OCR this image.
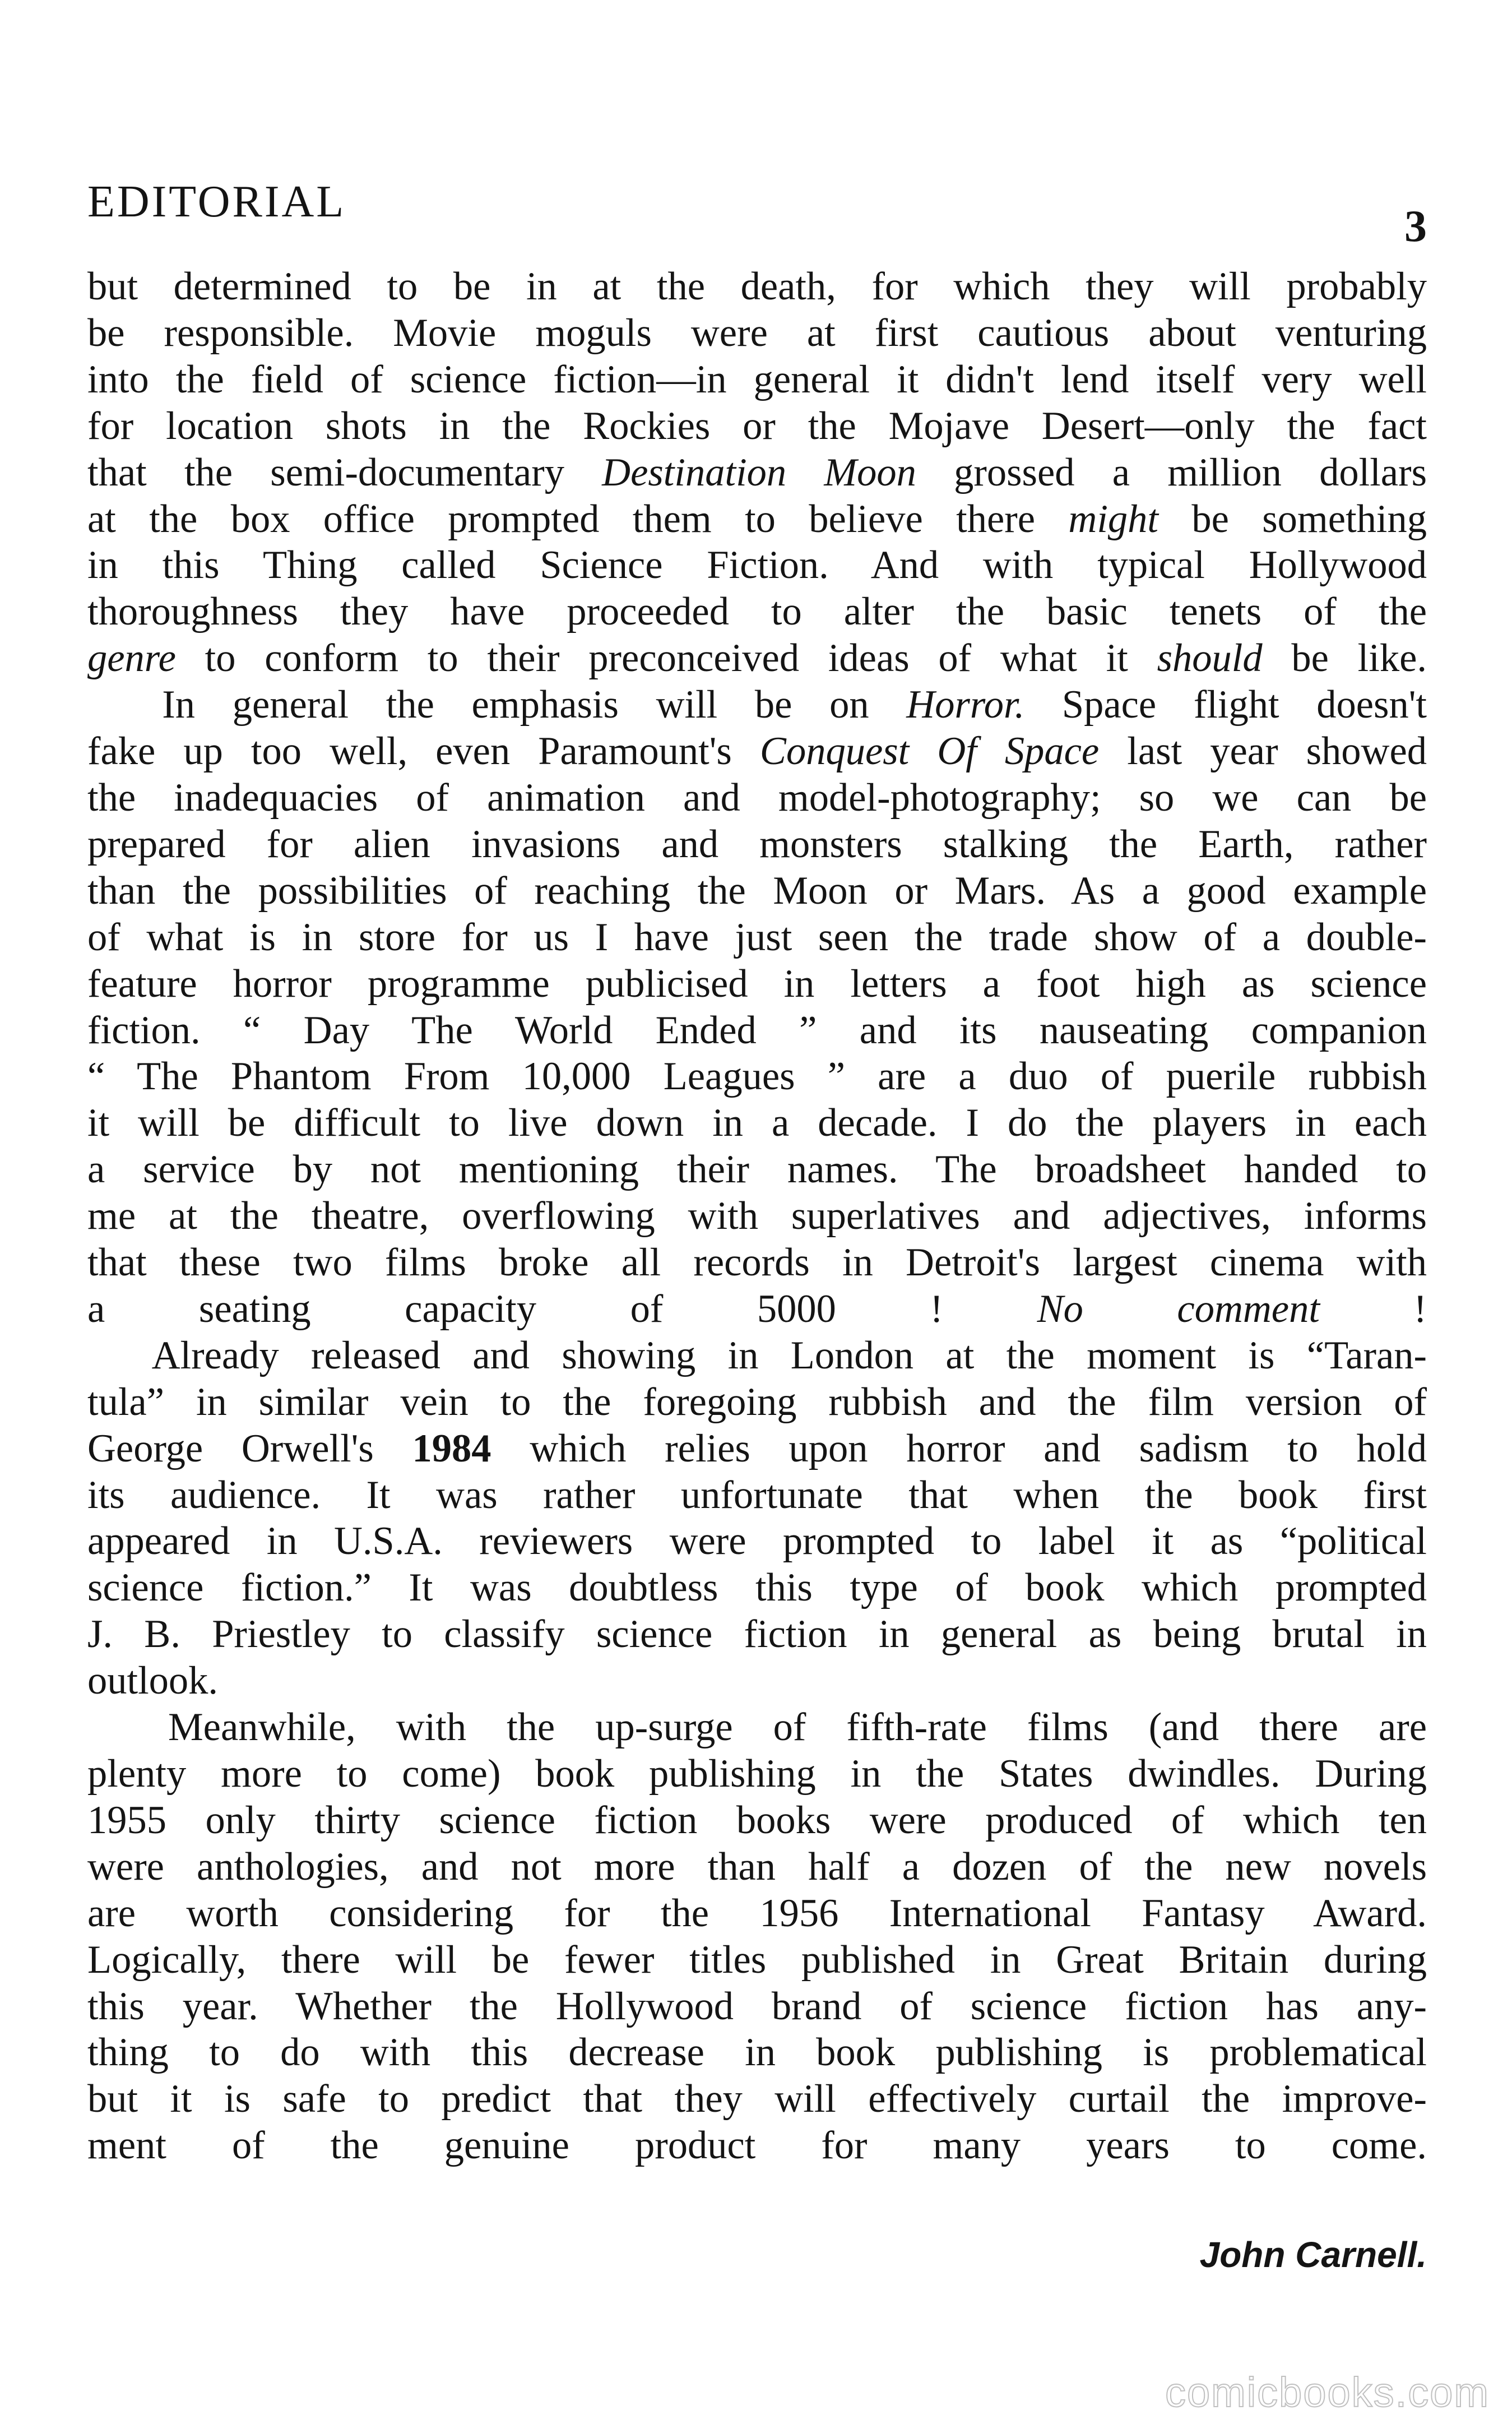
EDITORIAL	3

but determined to be in at the death, for which they will probably
be responsible. Movie moguls were at first cautious about venturing
into the field of science fiction—in general it didn't lend itself very well
for location shots in the Rockies or the Mojave Desert—only the fact
that the semi-documentary Destination Moon grossed a million dollars
at the box office prompted them to believe there might be something
in this Thing called Science Fiction. And with typical Hollywood
thoroughness they have proceeded to alter the basic tenets of the
genre to conform to their preconceived ideas of what it should be like.

In general the emphasis will be on Horror. Space flight doesn't
fake up too well, even Paramount's Conquest Of Space last year showed
the inadequacies of animation and model-photography; so we can be
prepared for alien invasions and monsters stalking the Earth, rather
than the possibilities of reaching the Moon or Mars. As a good example
of what is in store for us I have just seen the trade show of a double-
feature horror programme publicised in letters a foot high as science
fiction. “ Day The World Ended ” and its nauseating companion
“ The Phantom From 10,000 Leagues ” are a duo of puerile rubbish
it will be difficult to live down in a decade. I do the players in each
a service by not mentioning their names. The broadsheet handed to
me at the theatre, overflowing with superlatives and adjectives, informs
that these two films broke all records in Detroit's largest cinema with
a seating capacity of 5000 ! No comment !

Already released and showing in London at the moment is “Taran-
tula” in similar vein to the foregoing rubbish and the film version of
George Orwell's 1984 which relies upon horror and sadism to hold
its audience. It was rather unfortunate that when the book first
appeared in U.S.A. reviewers were prompted to label it as “political
science fiction.” It was doubtless this type of book which prompted
J. B. Priestley to classify science fiction in general as being brutal in
outlook.

Meanwhile, with the up-surge of fifth-rate films (and there are
plenty more to come) book publishing in the States dwindles. During
1955 only thirty science fiction books were produced of which ten
were anthologies, and not more than half a dozen of the new novels
are worth considering for the 1956 International Fantasy Award.
Logically, there will be fewer titles published in Great Britain during
this year. Whether the Hollywood brand of science fiction has any-
thing to do with this decrease in book publishing is problematical
but it is safe to predict that they will effectively curtail the improve-
ment of the genuine product for many years to come.

John Carnell.
comicbooks.com
